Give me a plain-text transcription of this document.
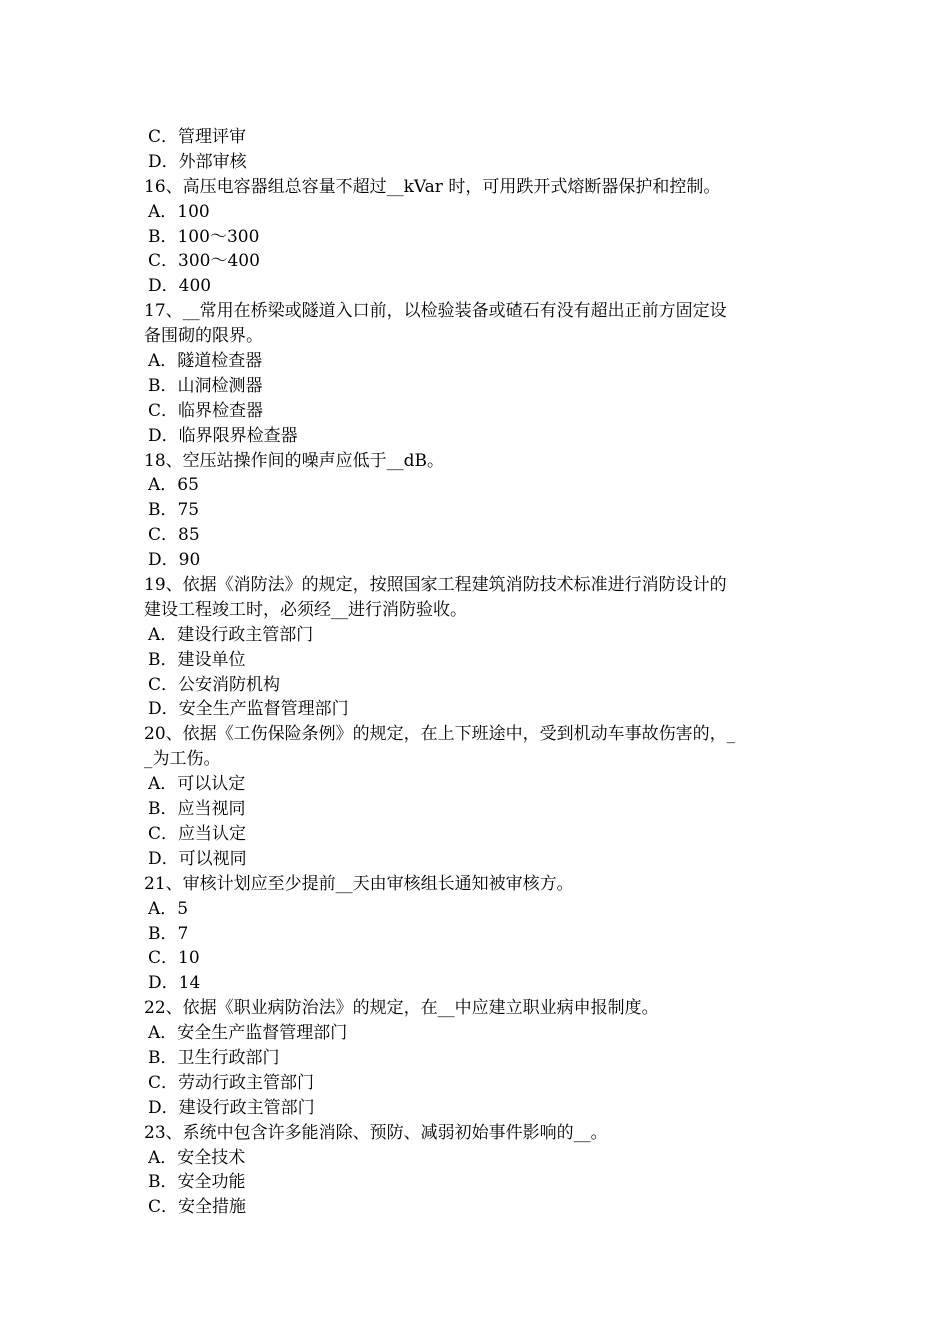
C．管理评审
D．外部审核
16、高压电容器组总容量不超过__kVar 时，可用跌开式熔断器保护和控制。
A．100
B．100～300
C．300～400
D．400
17、__常用在桥梁或隧道入口前，以检验装备或碴石有没有超出正前方固定设
备围砌的限界。
A．隧道检查器
B．山洞检测器
C．临界检查器
D．临界限界检查器
18、空压站操作间的噪声应低于__dB。
A．65
B．75
C．85
D．90
19、依据《消防法》的规定，按照国家工程建筑消防技术标准进行消防设计的
建设工程竣工时，必须经__进行消防验收。
A．建设行政主管部门
B．建设单位
C．公安消防机构
D．安全生产监督管理部门
20、依据《工伤保险条例》的规定，在上下班途中，受到机动车事故伤害的，_
_为工伤。
A．可以认定
B．应当视同
C．应当认定
D．可以视同
21、审核计划应至少提前__天由审核组长通知被审核方。
A．5
B．7
C．10
D．14
22、依据《职业病防治法》的规定，在__中应建立职业病申报制度。
A．安全生产监督管理部门
B．卫生行政部门
C．劳动行政主管部门
D．建设行政主管部门
23、系统中包含许多能消除、预防、减弱初始事件影响的__。
A．安全技术
B．安全功能
C．安全措施
